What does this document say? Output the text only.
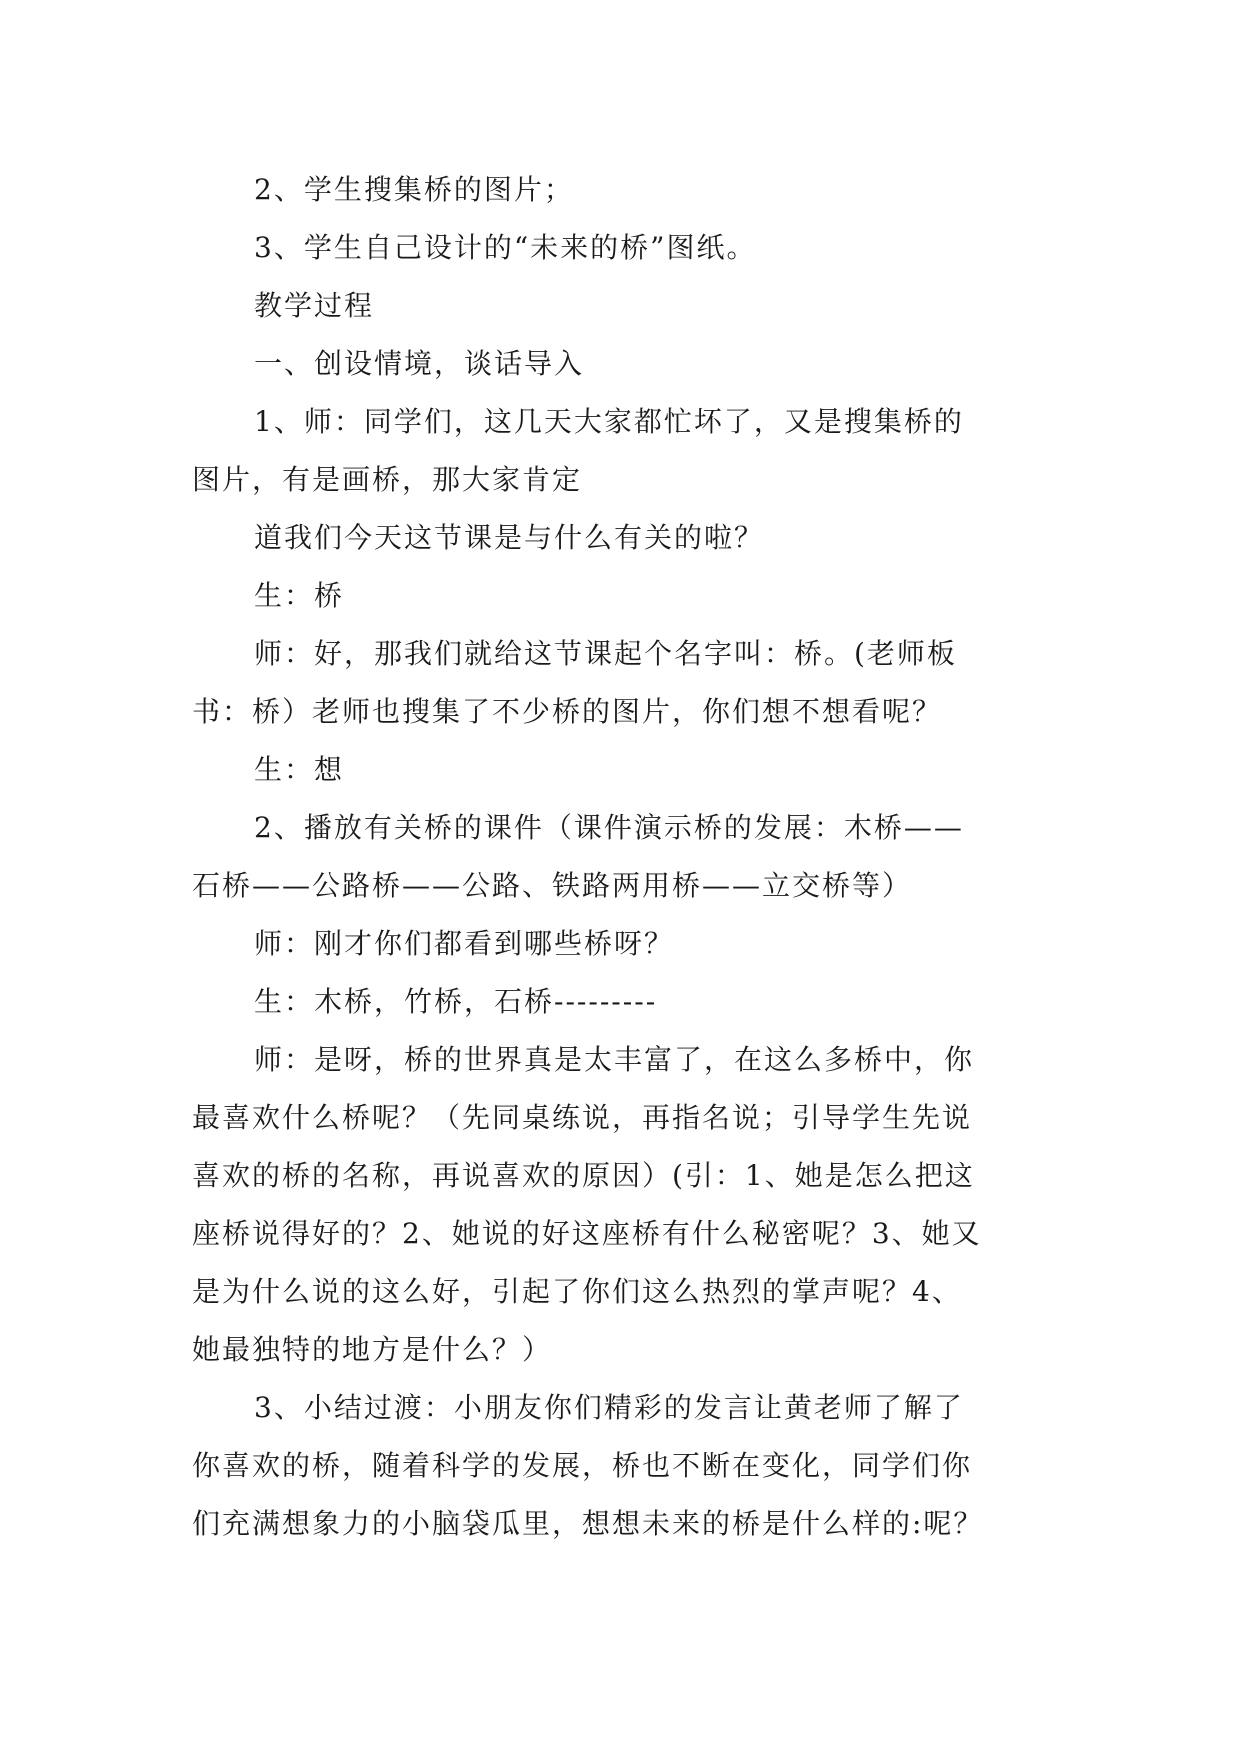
2、学生搜集桥的图片；

3、学生自己设计的“未来的桥”图纸。

教学过程

一、创设情境，谈话导入

1、师：同学们，这几天大家都忙坏了，又是搜集桥的

图片，有是画桥，那大家肯定

道我们今天这节课是与什么有关的啦？

生：桥

师：好，那我们就给这节课起个名字叫：桥。(老师板

书：桥）老师也搜集了不少桥的图片，你们想不想看呢？

生：想

2、播放有关桥的课件（课件演示桥的发展：木桥——

石桥——公路桥——公路、铁路两用桥——立交桥等）

师：刚才你们都看到哪些桥呀？

生：木桥，竹桥，石桥---------

师：是呀，桥的世界真是太丰富了，在这么多桥中，你

最喜欢什么桥呢？（先同桌练说，再指名说；引导学生先说

喜欢的桥的名称，再说喜欢的原因）(引：1、她是怎么把这

座桥说得好的？2、她说的好这座桥有什么秘密呢？3、她又

是为什么说的这么好，引起了你们这么热烈的掌声呢？4、

她最独特的地方是什么？）

3、小结过渡：小朋友你们精彩的发言让黄老师了解了

你喜欢的桥，随着科学的发展，桥也不断在变化，同学们你

们充满想象力的小脑袋瓜里，想想未来的桥是什么样的:呢？
